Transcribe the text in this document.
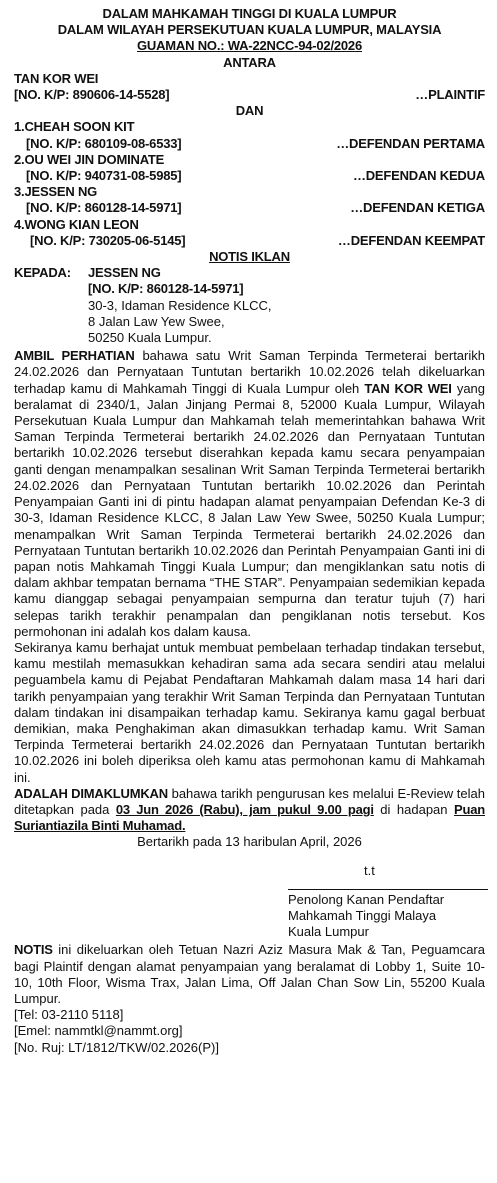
DALAM MAHKAMAH TINGGI DI KUALA LUMPUR

DALAM WILAYAH PERSEKUTUAN KUALA LUMPUR, MALAYSIA

GUAMAN NO.: WA-22NCC-94-02/2026

ANTARA

TAN KOR WEI

[NO. K/P: 890606-14-5528]	…PLAINTIF

DAN

1.CHEAH SOON KIT

[NO. K/P: 680109-08-6533]	…DEFENDAN PERTAMA

2.OU WEI JIN DOMINATE

[NO. K/P: 940731-08-5985]	…DEFENDAN KEDUA

3.JESSEN NG

[NO. K/P: 860128-14-5971]	…DEFENDAN KETIGA

4.WONG KIAN LEON

[NO. K/P: 730205-06-5145]	…DEFENDAN KEEMPAT

NOTIS IKLAN

KEPADA:	JESSEN NG

[NO. K/P: 860128-14-5971]

30-3, Idaman Residence KLCC,

8 Jalan Law Yew Swee,

50250 Kuala Lumpur.

AMBIL PERHATIAN bahawa satu Writ Saman Terpinda Termeterai bertarikh 24.02.2026 dan Pernyataan Tuntutan bertarikh 10.02.2026 telah dikeluarkan terhadap kamu di Mahkamah Tinggi di Kuala Lumpur oleh TAN KOR WEI yang beralamat di 2340/1, Jalan Jinjang Permai 8, 52000 Kuala Lumpur, Wilayah Persekutuan Kuala Lumpur dan Mahkamah telah memerintahkan bahawa Writ Saman Terpinda Termeterai bertarikh 24.02.2026 dan Pernyataan Tuntutan bertarikh 10.02.2026 tersebut diserahkan kepada kamu secara penyampaian ganti dengan menampalkan sesalinan Writ Saman Terpinda Termeterai bertarikh 24.02.2026 dan Pernyataan Tuntutan bertarikh 10.02.2026 dan Perintah Penyampaian Ganti ini di pintu hadapan alamat penyampaian Defendan Ke-3 di 30-3, Idaman Residence KLCC, 8 Jalan Law Yew Swee, 50250 Kuala Lumpur; menampalkan Writ Saman Terpinda Termeterai bertarikh 24.02.2026 dan Pernyataan Tuntutan bertarikh 10.02.2026 dan Perintah Penyampaian Ganti ini di papan notis Mahkamah Tinggi Kuala Lumpur; dan mengiklankan satu notis di dalam akhbar tempatan bernama “THE STAR”. Penyampaian sedemikian kepada kamu dianggap sebagai penyampaian sempurna dan teratur tujuh (7) hari selepas tarikh terakhir penampalan dan pengiklanan notis tersebut. Kos permohonan ini adalah kos dalam kausa.

Sekiranya kamu berhajat untuk membuat pembelaan terhadap tindakan tersebut, kamu mestilah memasukkan kehadiran sama ada secara sendiri atau melalui peguambela kamu di Pejabat Pendaftaran Mahkamah dalam masa 14 hari dari tarikh penyampaian yang terakhir Writ Saman Terpinda dan Pernyataan Tuntutan dalam tindakan ini disampaikan terhadap kamu. Sekiranya kamu gagal berbuat demikian, maka Penghakiman akan dimasukkan terhadap kamu. Writ Saman Terpinda Termeterai bertarikh 24.02.2026 dan Pernyataan Tuntutan bertarikh 10.02.2026 ini boleh diperiksa oleh kamu atas permohonan kamu di Mahkamah ini.

ADALAH DIMAKLUMKAN bahawa tarikh pengurusan kes melalui E-Review telah ditetapkan pada 03 Jun 2026 (Rabu), jam pukul 9.00 pagi di hadapan Puan Suriantiazila Binti Muhamad.

Bertarikh pada 13 haribulan April, 2026

t.t

Penolong Kanan Pendaftar

Mahkamah Tinggi Malaya

Kuala Lumpur

NOTIS ini dikeluarkan oleh Tetuan Nazri Aziz Masura Mak & Tan, Peguamcara bagi Plaintif dengan alamat penyampaian yang beralamat di Lobby 1, Suite 10-10, 10th Floor, Wisma Trax, Jalan Lima, Off Jalan Chan Sow Lin, 55200 Kuala Lumpur.

[Tel: 03-2110 5118]

[Emel: nammtkl@nammt.org]

[No. Ruj: LT/1812/TKW/02.2026(P)]
